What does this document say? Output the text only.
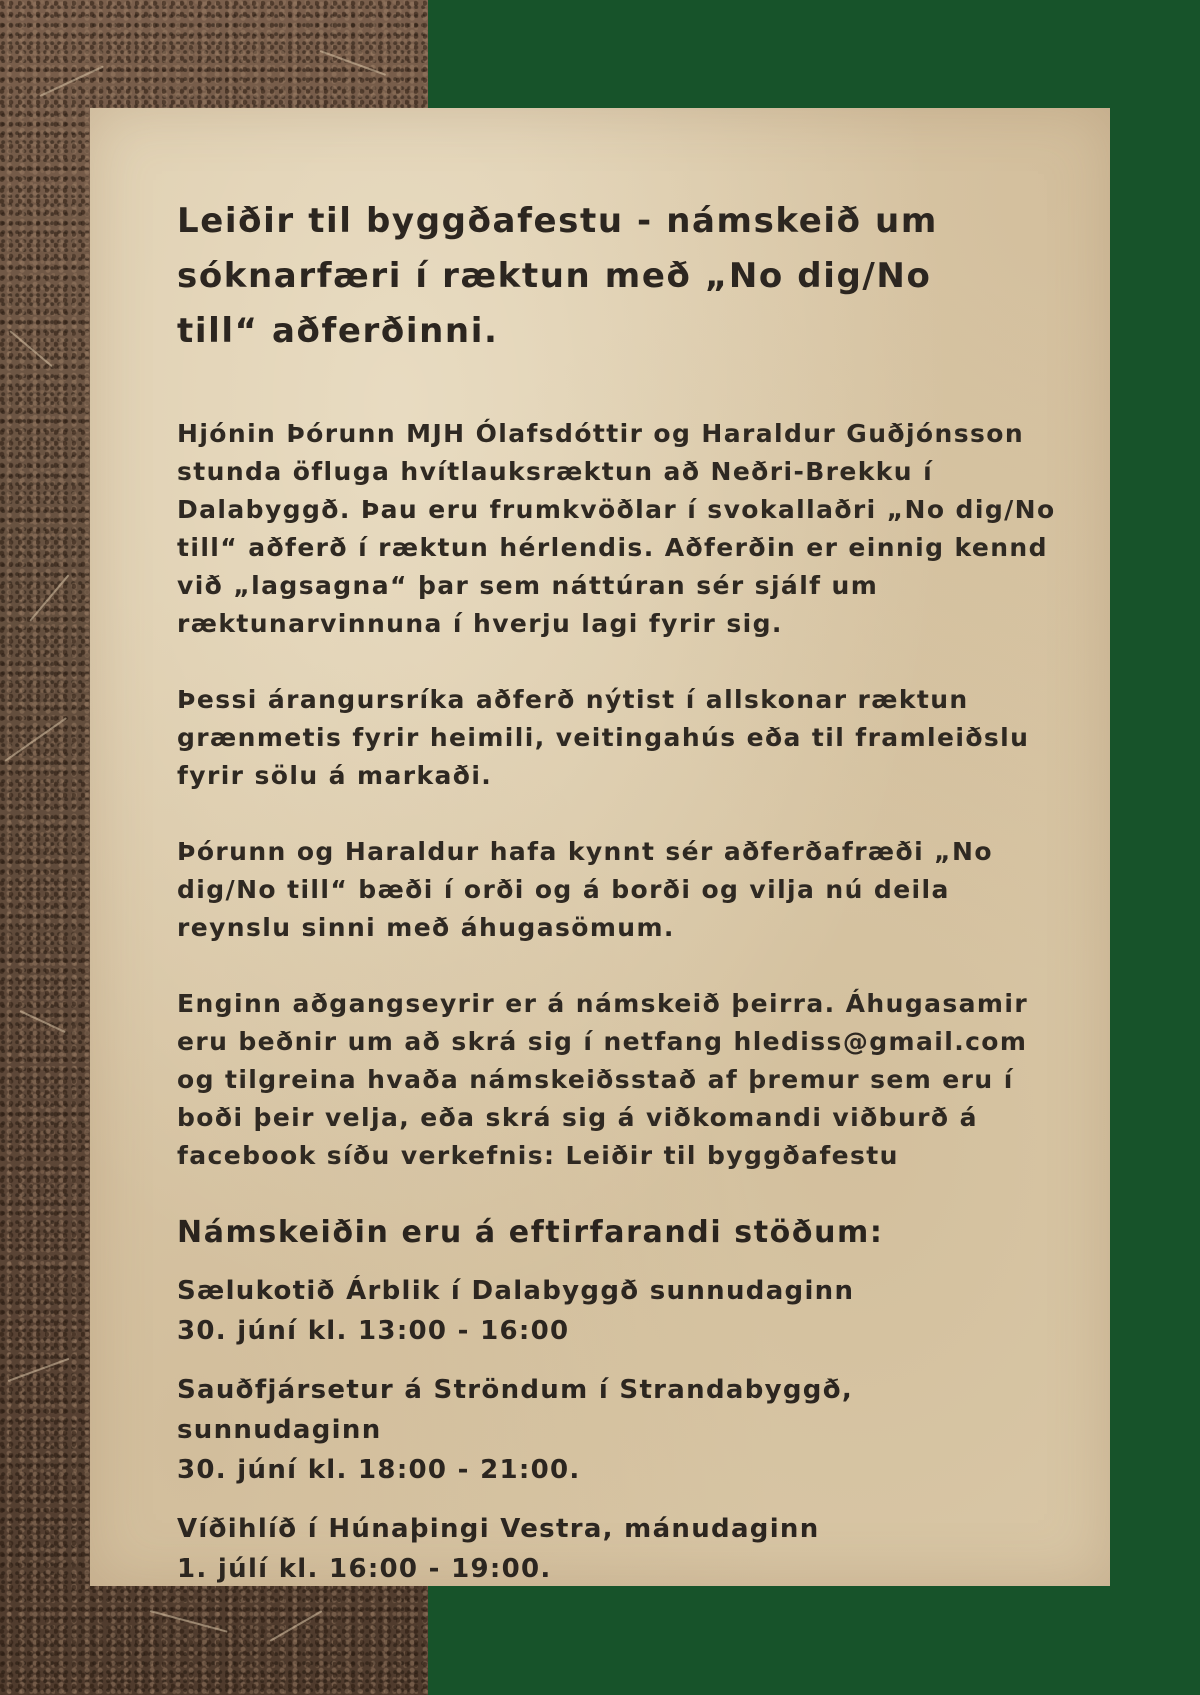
Leiðir til byggðafestu - námskeið um sóknarfæri í ræktun með „No dig/No till“ aðferðinni.

Hjónin Þórunn MJH Ólafsdóttir og Haraldur Guðjónsson stunda öfluga hvítlauksræktun að Neðri-Brekku í Dalabyggð. Þau eru frumkvöðlar í svokallaðri „No dig/No till“ aðferð í ræktun hérlendis. Aðferðin er einnig kennd við „lagsagna“ þar sem náttúran sér sjálf um ræktunarvinnuna í hverju lagi fyrir sig.

Þessi árangursríka aðferð nýtist í allskonar ræktun grænmetis fyrir heimili, veitingahús eða til framleiðslu fyrir sölu á markaði.

Þórunn og Haraldur hafa kynnt sér aðferðafræði „No dig/No till“ bæði í orði og á borði og vilja nú deila reynslu sinni með áhugasömum.

Enginn aðgangseyrir er á námskeið þeirra. Áhugasamir eru beðnir um að skrá sig í netfang hlediss@gmail.com og tilgreina hvaða námskeiðsstað af þremur sem eru í boði þeir velja, eða skrá sig á viðkomandi viðburð á facebook síðu verkefnis: Leiðir til byggðafestu

Námskeiðin eru á eftirfarandi stöðum:
Sælukotið Árblik í Dalabyggð sunnudaginn
30. júní kl. 13:00 - 16:00
Sauðfjársetur á Ströndum í Strandabyggð, sunnudaginn
30. júní kl. 18:00 - 21:00.
Víðihlíð í Húnaþingi Vestra, mánudaginn
1. júlí kl. 16:00 - 19:00.
